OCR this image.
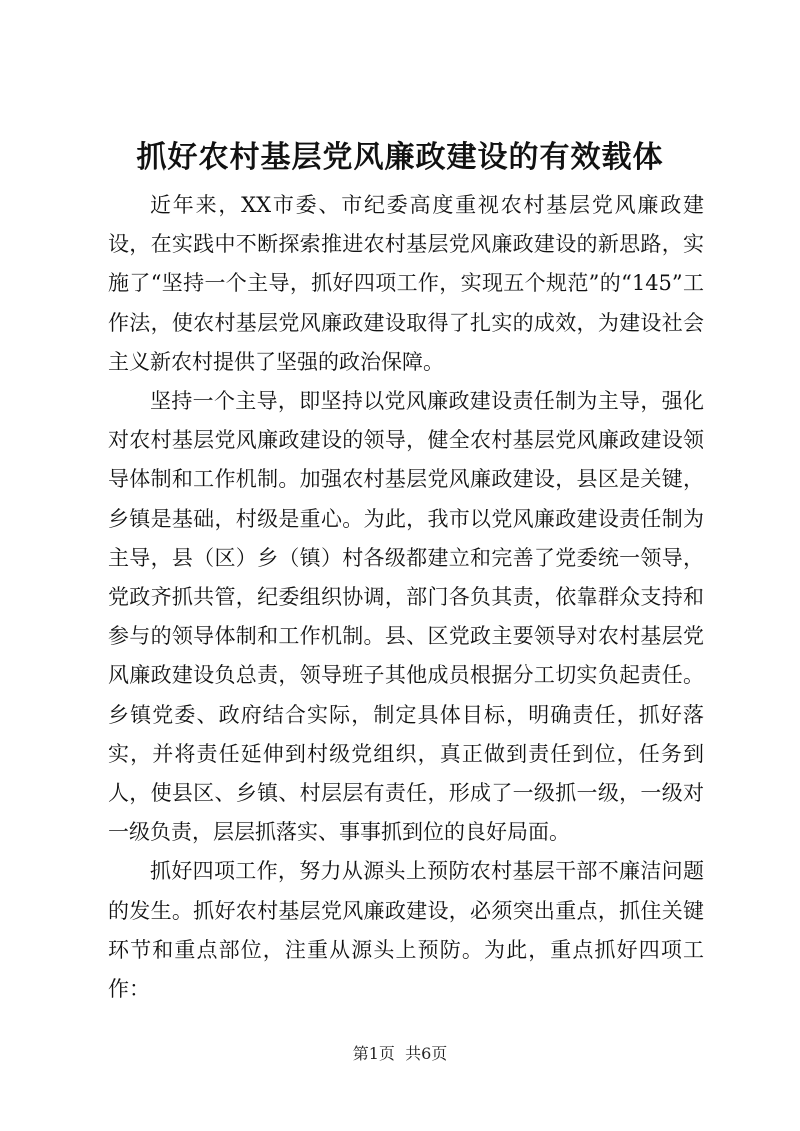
抓好农村基层党风廉政建设的有效载体

近年来，XX市委、市纪委高度重视农村基层党风廉政建设，在实践中不断探索推进农村基层党风廉政建设的新思路，实施了“坚持一个主导，抓好四项工作，实现五个规范”的“145”工作法，使农村基层党风廉政建设取得了扎实的成效，为建设社会主义新农村提供了坚强的政治保障。

坚持一个主导，即坚持以党风廉政建设责任制为主导，强化对农村基层党风廉政建设的领导，健全农村基层党风廉政建设领导体制和工作机制。加强农村基层党风廉政建设，县区是关键，乡镇是基础，村级是重心。为此，我市以党风廉政建设责任制为主导，县（区）乡（镇）村各级都建立和完善了党委统一领导，党政齐抓共管，纪委组织协调，部门各负其责，依靠群众支持和参与的领导体制和工作机制。县、区党政主要领导对农村基层党风廉政建设负总责，领导班子其他成员根据分工切实负起责任。乡镇党委、政府结合实际，制定具体目标，明确责任，抓好落实，并将责任延伸到村级党组织，真正做到责任到位，任务到人，使县区、乡镇、村层层有责任，形成了一级抓一级，一级对一级负责，层层抓落实、事事抓到位的良好局面。

抓好四项工作，努力从源头上预防农村基层干部不廉洁问题的发生。抓好农村基层党风廉政建设，必须突出重点，抓住关键环节和重点部位，注重从源头上预防。为此，重点抓好四项工作：

第1页  共6页
